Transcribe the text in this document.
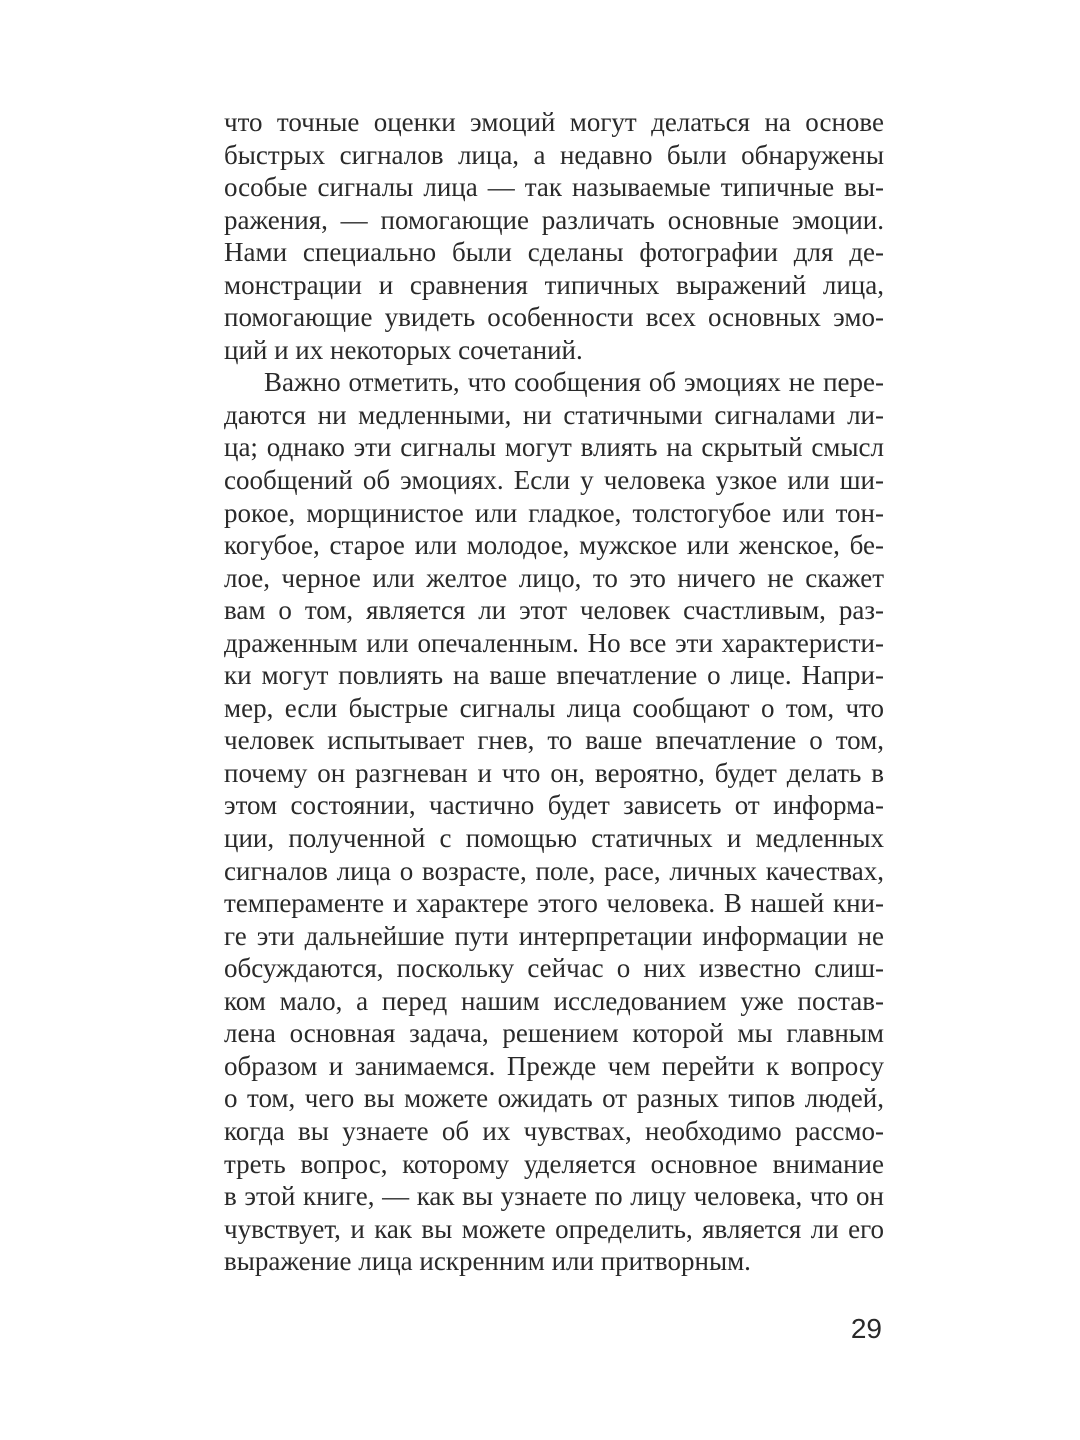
что точные оценки эмоций могут делаться на основе
быстрых сигналов лица, а недавно были обнаружены
особые сигналы лица — так называемые типичные вы-
ражения, — помогающие различать основные эмоции.
Нами специально были сделаны фотографии для де-
монстрации и сравнения типичных выражений лица,
помогающие увидеть особенности всех основных эмо-
ций и их некоторых сочетаний.
Важно отметить, что сообщения об эмоциях не пере-
даются ни медленными, ни статичными сигналами ли-
ца; однако эти сигналы могут влиять на скрытый смысл
сообщений об эмоциях. Если у человека узкое или ши-
рокое, морщинистое или гладкое, толстогубое или тон-
когубое, старое или молодое, мужское или женское, бе-
лое, черное или желтое лицо, то это ничего не скажет
вам о том, является ли этот человек счастливым, раз-
драженным или опечаленным. Но все эти характеристи-
ки могут повлиять на ваше впечатление о лице. Напри-
мер, если быстрые сигналы лица сообщают о том, что
человек испытывает гнев, то ваше впечатление о том,
почему он разгневан и что он, вероятно, будет делать в
этом состоянии, частично будет зависеть от информа-
ции, полученной с помощью статичных и медленных
сигналов лица о возрасте, поле, расе, личных качествах,
темпераменте и характере этого человека. В нашей кни-
ге эти дальнейшие пути интерпретации информации не
обсуждаются, поскольку сейчас о них известно слиш-
ком мало, а перед нашим исследованием уже постав-
лена основная задача, решением которой мы главным
образом и занимаемся. Прежде чем перейти к вопросу
о том, чего вы можете ожидать от разных типов людей,
когда вы узнаете об их чувствах, необходимо рассмо-
треть вопрос, которому уделяется основное внимание
в этой книге, — как вы узнаете по лицу человека, что он
чувствует, и как вы можете определить, является ли его
выражение лица искренним или притворным.
29
